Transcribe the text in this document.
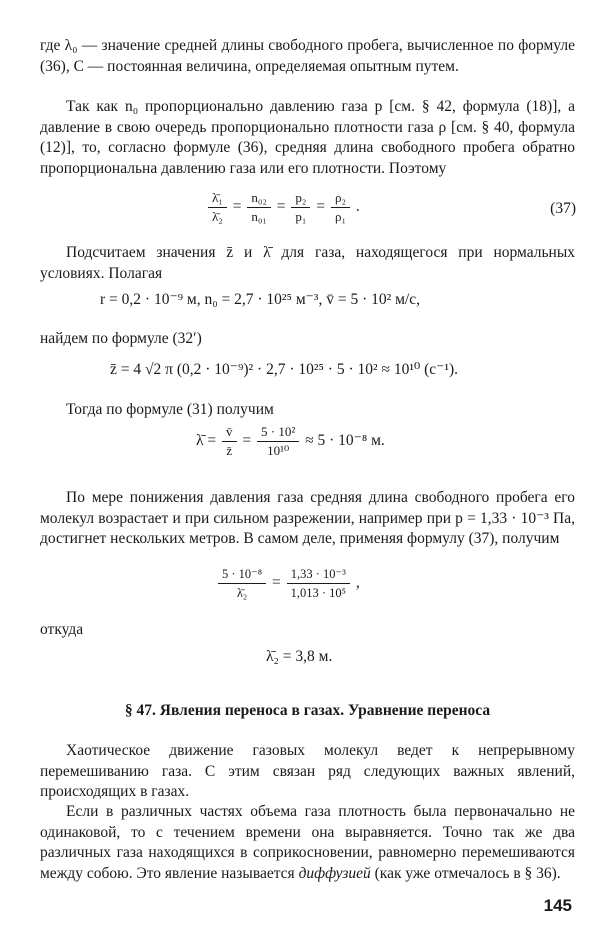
где λ₀ — значение средней длины свободного пробега, вычисленное по формуле (36), C — постоянная величина, определяемая опытным путем.

Так как n₀ пропорционально давлению газа p [см. § 42, формула (18)], а давление в свою очередь пропорционально плотности газа ρ [см. § 40, формула (12)], то, согласно формуле (36), средняя длина свободного пробега обратно пропорциональна давлению газа или его плотности. Поэтому

$\frac{\text{λ̄₁}}{\text{λ̄₂}} = \frac{\text{n₀₂}}{\text{n₀₁}} = \frac{\text{p₂}}{\text{p₁}} = \frac{\text{ρ₂}}{\text{ρ₁}}$ .	(37)

Подсчитаем значения z̄ и λ̄ для газа, находящегося при нормальных условиях. Полагая

r = 0,2 · 10⁻⁹ м, n₀ = 2,7 · 10²⁵ м⁻³, v̄ = 5 · 10² м/с,

найдем по формуле (32′)

z̄ = 4 √2 π (0,2 · 10⁻⁹)² · 2,7 · 10²⁵ · 5 · 10² ≈ 10¹⁰ (с⁻¹).

Тогда по формуле (31) получим

λ̄ = $\frac{v̄}{z̄} = \frac{\text{5 · 10²}}{\text{10¹⁰}} \approx 5 \cdot 10^{-8}$ м.

По мере понижения давления газа средняя длина свободного пробега его молекул возрастает и при сильном разрежении, например при p = 1,33 · 10⁻³ Па, достигнет нескольких метров. В самом деле, применяя формулу (37), получим

$\frac{\text{5 · 10⁻⁸}}{\text{λ̄₂}} = \frac{\text{1,33 · 10⁻³}}{\text{1,013 · 10⁵}}$ ,

откуда

λ̄₂ = 3,8 м.
§ 47. Явления переноса в газах. Уравнение переноса

Хаотическое движение газовых молекул ведет к непрерывному перемешиванию газа. С этим связан ряд следующих важных явлений, происходящих в газах.

Если в различных частях объема газа плотность была первоначально не одинаковой, то с течением времени она выравняется. Точно так же два различных газа находящихся в соприкосновении, равномерно перемешиваются между собою. Это явление называется диффузией (как уже отмечалось в § 36).

145
